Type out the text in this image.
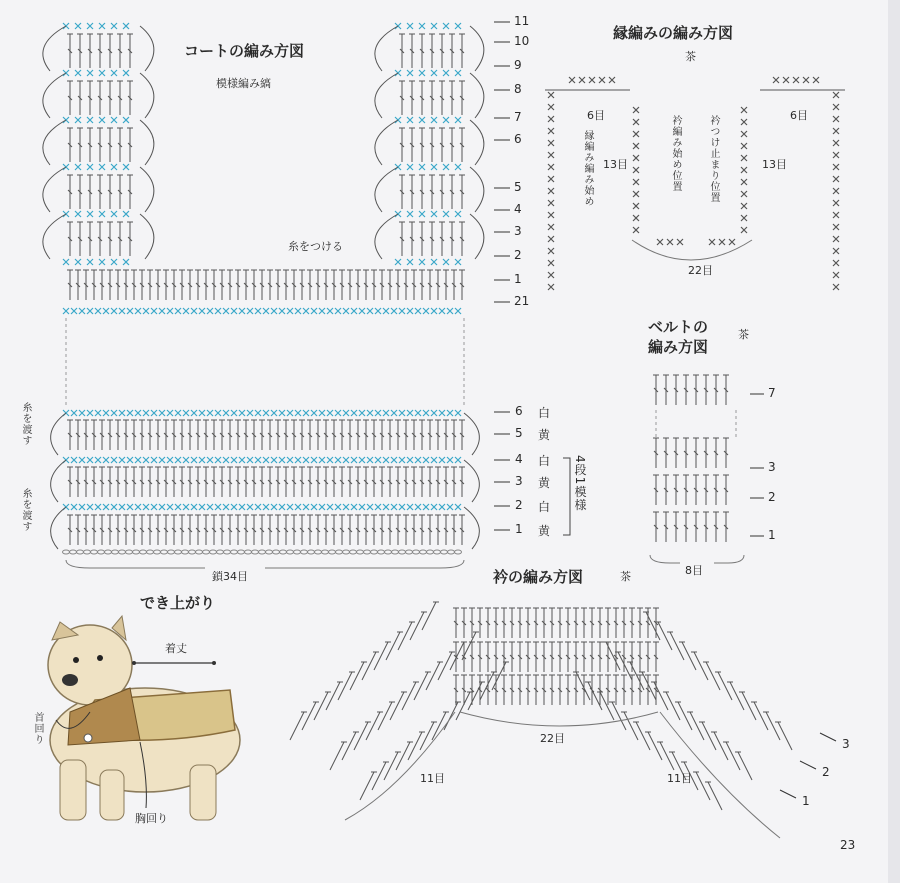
コートの編み方図
模様編み縞
糸をつける
糸を渡す
糸を渡す
鎖34目
11
10
9
8
7
6
5
4
3
2
1
21
6 白
5 黄
4 白
3 黄
2 白
1 黄
4段1模様
縁編みの編み方図
茶
6目
13目
6目
13目
22目
縁編み編み始め	衿編み始め位置	衿つけ止まり位置
ベルトの
編み方図
茶
8目
7
3
2
1
衿の編み方図	茶
22目
11目	11目
3
2
1
でき上がり
着丈
首回り
胸回り
23
